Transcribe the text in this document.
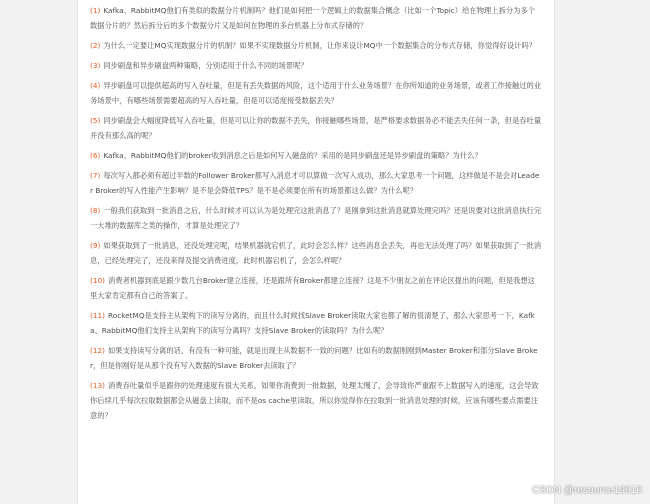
(1) Kafka、RabbitMQ他们有类似的数据分片机制吗？他们是如何把一个逻辑上的数据集合概念（比如一个Topic）给在物理上拆分为多个数据分片的？然后拆分后的多个数据分片又是如何在物理的多台机器上分布式存储的？
(2) 为什么一定要让MQ实现数据分片的机制？如果不实现数据分片机制，让你来设计MQ中一个数据集合的分布式存储，你觉得好设计吗？
(3) 同步刷盘和异步刷盘两种策略，分别适用于什么不同的场景呢？
(4) 异步刷盘可以提供超高的写入吞吐量，但是有丢失数据的风险，这个适用于什么业务场景？在你所知道的业务场景，或者工作接触过的业务场景中，有哪些场景需要超高的写入吞吐量，但是可以适度接受数据丢失？
(5) 同步刷盘会大幅度降低写入吞吐量，但是可以让你的数据不丢失，你接触哪些场景，是严格要求数据务必不能丢失任何一条，但是吞吐量并没有那么高的呢？
(6) Kafka、RabbitMQ他们的broker收到消息之后是如何写入磁盘的？采用的是同步刷盘还是异步刷盘的策略？为什么？
(7) 每次写入都必须有超过半数的Follower Broker都写入消息才可以算做一次写入成功，那么大家思考一个问题，这样做是不是会对Leader Broker的写入性能产生影响？是不是会降低TPS？是不是必须要在所有的场景都这么做？为什么呢？
(8) 一般我们获取到一批消息之后，什么时候才可以认为是处理完这批消息了？是刚拿到这批消息就算处理完吗？还是说要对这批消息执行完一大堆的数据库之类的操作，才算是处理完了？
(9) 如果获取到了一批消息，还没处理完呢，结果机器就宕机了，此时会怎么样？这些消息会丢失，再也无法处理了吗？如果获取到了一批消息，已经处理完了，还没来得及提交消费进度，此时机器宕机了，会怎么样呢？
(10) 消费者机器到底是跟少数几台Broker建立连接，还是跟所有Broker都建立连接？这是不少朋友之前在评论区提出的问题，但是我想这里大家肯定都有自己的答案了。
(11) RocketMQ是支持主从架构下的读写分离的，而且什么时候找Slave Broker读取大家也都了解的很清楚了，那么大家思考一下，Kafka、RabbitMQ他们支持主从架构下的读写分离吗？支持Slave Broker的读取吗？为什么呢？
(12) 如果支持读写分离的话，有没有一种可能，就是出现主从数据不一致的问题？比如有的数据刚刚到Master Broker和部分Slave Broker，但是你刚好是从那个没有写入数据的Slave Broker去读取了？
(13) 消费吞吐量似乎是跟你的处理速度有很大关系，如果你消费到一批数据，处理太慢了，会导致你严重跟不上数据写入的速度，这会导致你后续几乎每次拉取数据都会从磁盘上读取，而不是os cache里读取，所以你觉得你在拉取到一批消息处理的时候，应该有哪些要点需要注意的？
CSDN @resource19610
